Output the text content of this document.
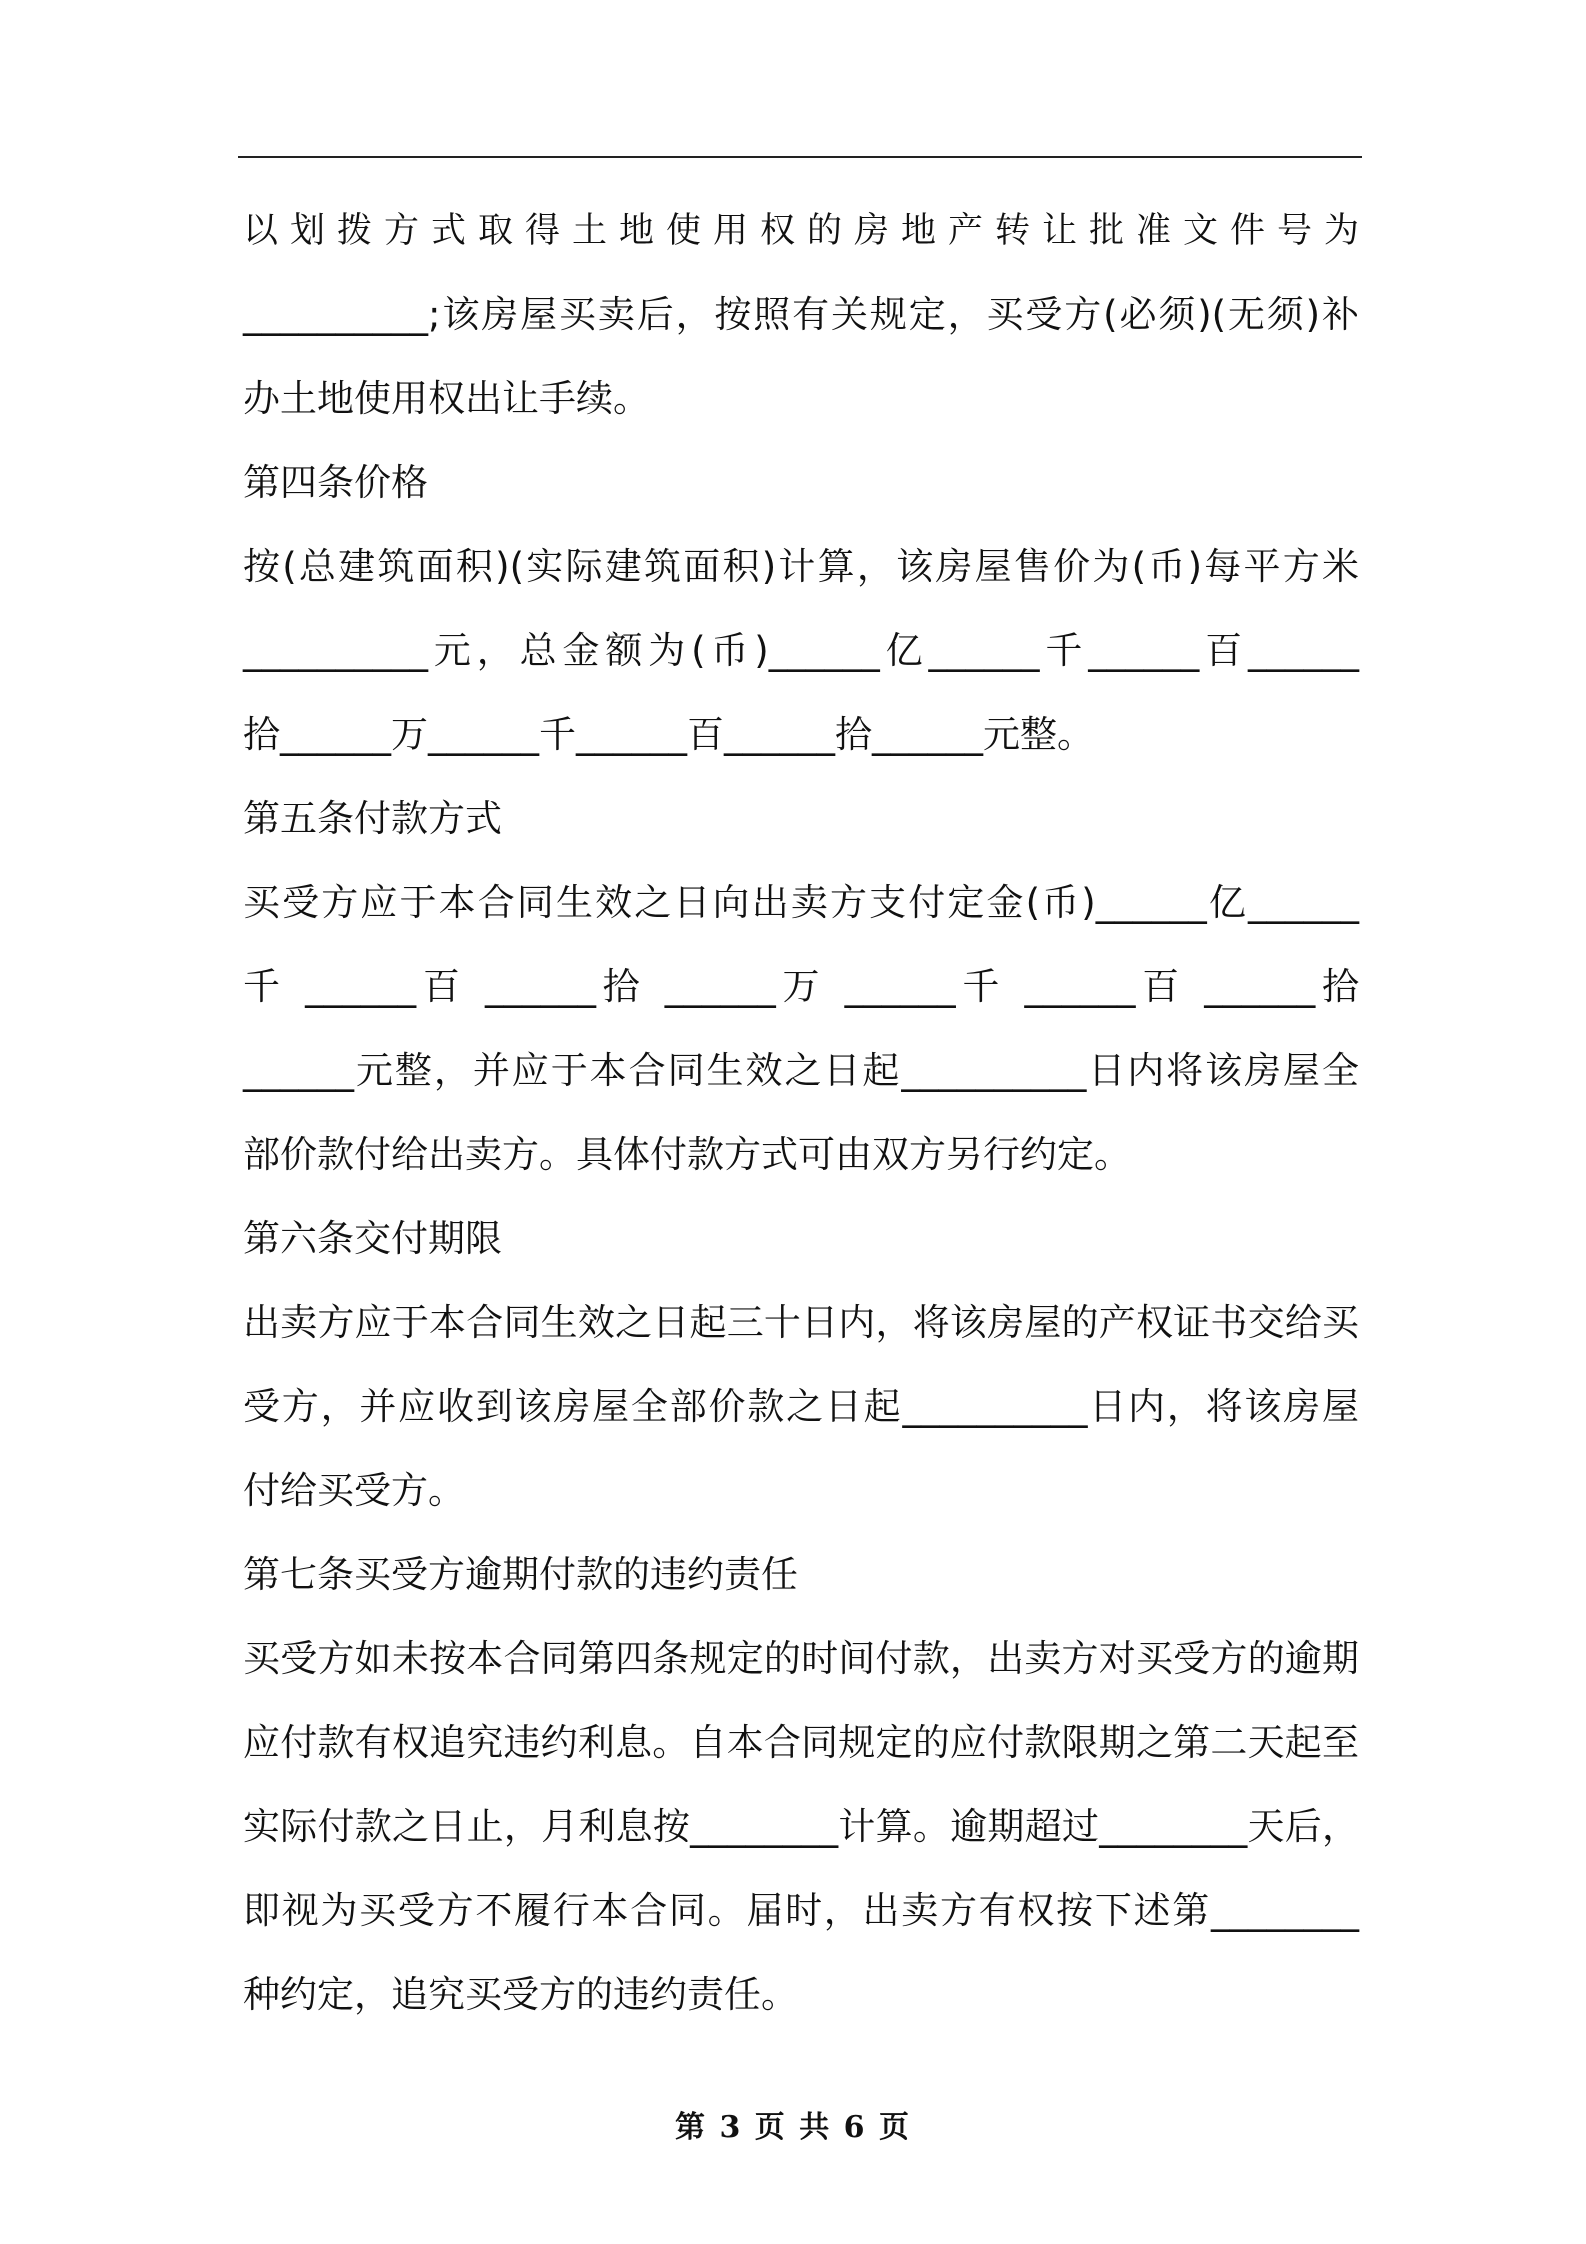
以 划 拨 方 式 取 得 土 地 使 用 权 的 房 地 产 转 让 批 准 文 件 号 为
__________;该房屋买卖后，按照有关规定，买受方(必须)(无须)补
办土地使用权出让手续。
第四条价格
按(总建筑面积)(实际建筑面积)计算，该房屋售价为(币)每平方米
__________元，总金额为(币)______亿______千______百______
拾______万______千______百______拾______元整。
第五条付款方式
买受方应于本合同生效之日向出卖方支付定金(币)______亿______
千 ______百 ______拾 ______万 ______千 ______百 ______拾
______元整，并应于本合同生效之日起__________日内将该房屋全
部价款付给出卖方。具体付款方式可由双方另行约定。
第六条交付期限
出卖方应于本合同生效之日起三十日内，将该房屋的产权证书交给买
受方，并应收到该房屋全部价款之日起__________日内，将该房屋
付给买受方。
第七条买受方逾期付款的违约责任
买受方如未按本合同第四条规定的时间付款，出卖方对买受方的逾期
应付款有权追究违约利息。自本合同规定的应付款限期之第二天起至
实际付款之日止，月利息按________计算。逾期超过________天后，
即视为买受方不履行本合同。届时，出卖方有权按下述第________
种约定，追究买受方的违约责任。
第 3 页 共 6 页
